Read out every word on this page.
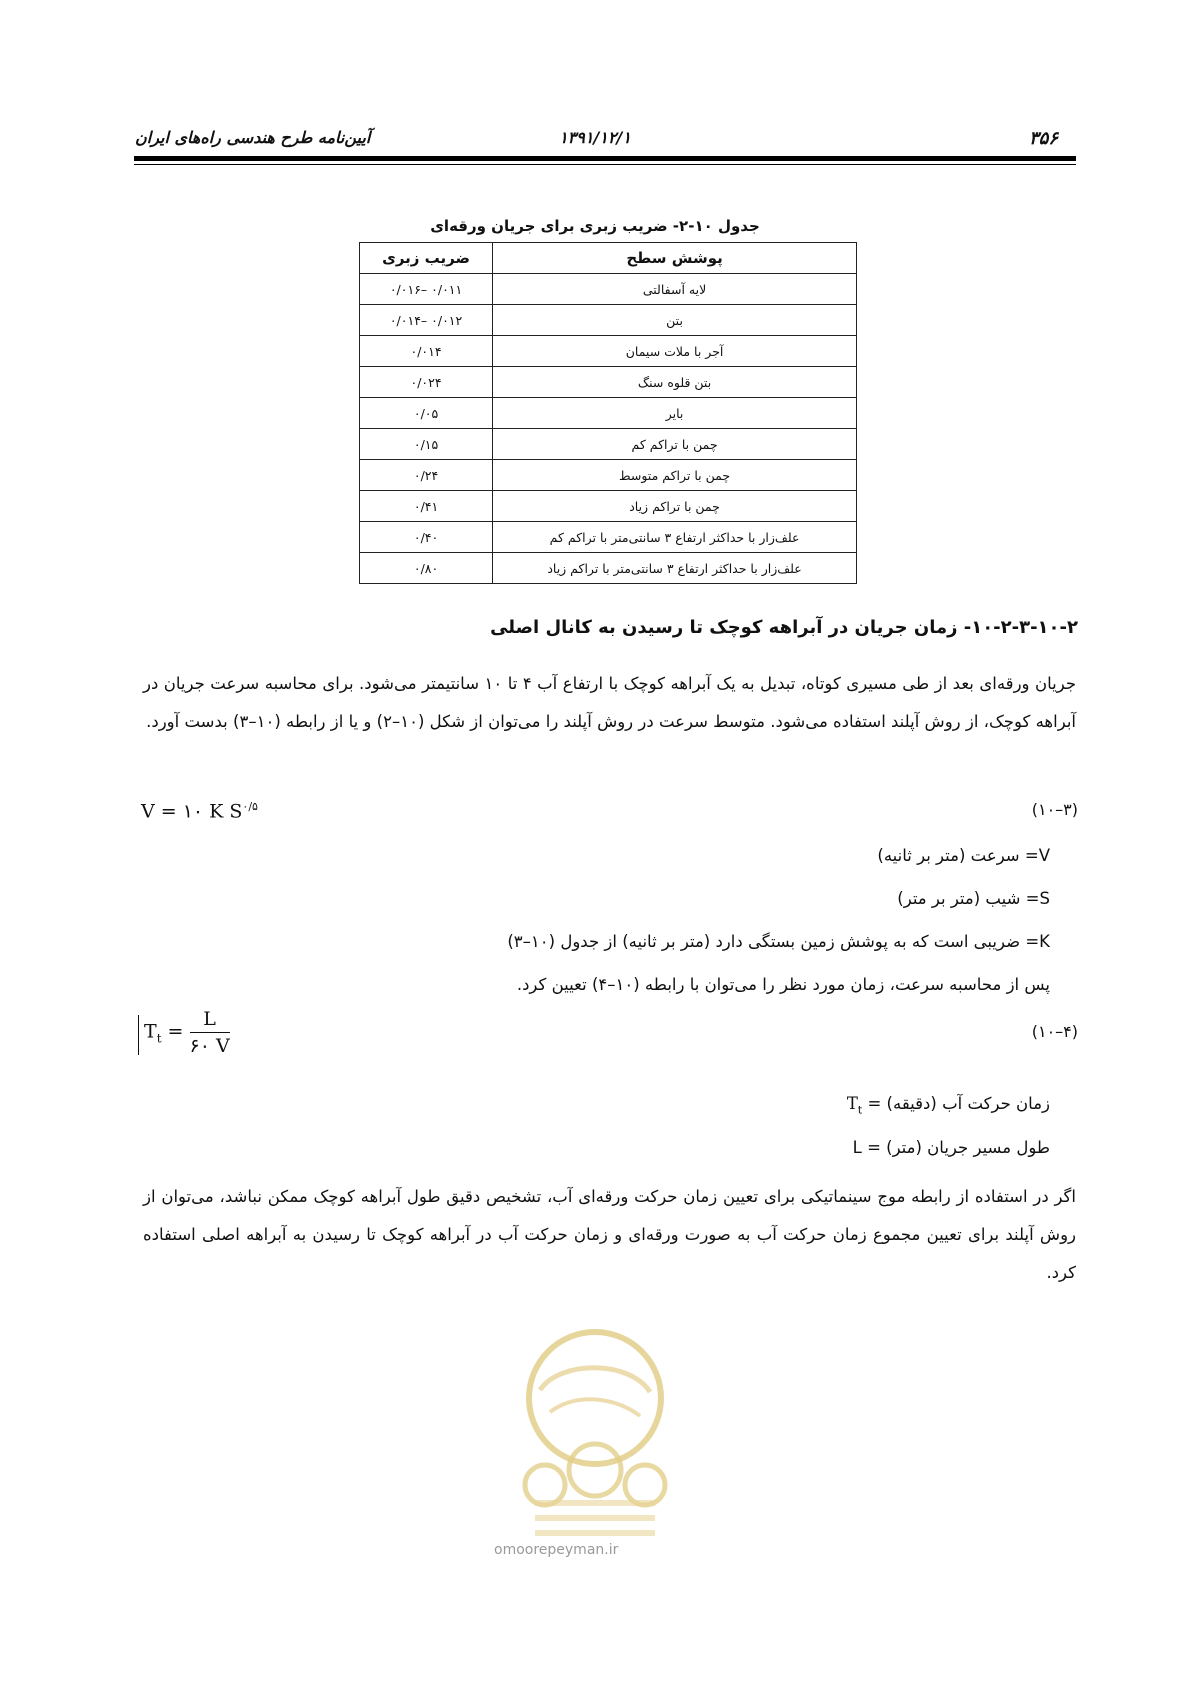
۳۵۶
۱۳۹۱/۱۲/۱
آیین‌نامه طرح هندسی راه‌های ایران
جدول ۱۰-۲- ضریب زبری برای جریان ورقه‌ای
پوشش سطح	ضریب زبری
لایه آسفالتی	۰/۰۱۱ –۰/۰۱۶
بتن	۰/۰۱۲ –۰/۰۱۴
آجر با ملات سیمان	۰/۰۱۴
بتن قلوه سنگ	۰/۰۲۴
بایر	۰/۰۵
چمن با تراکم کم	۰/۱۵
چمن با تراکم متوسط	۰/۲۴
چمن با تراکم زیاد	۰/۴۱
علف‌زار با حداکثر ارتفاع ۳ سانتی‌متر با تراکم کم	۰/۴۰
علف‌زار با حداکثر ارتفاع ۳ سانتی‌متر با تراکم زیاد	۰/۸۰
۱۰-۲-۳-۱۰-۲- زمان جریان در آبراهه کوچک تا رسیدن به کانال اصلی
جریان ورقه‌ای بعد از طی مسیری کوتاه، تبدیل به یک آبراهه کوچک با ارتفاع آب ۴ تا ۱۰ سانتیمتر می‌شود. برای محاسبه سرعت جریان در آبراهه کوچک، از روش آپلند استفاده می‌شود. متوسط سرعت در روش آپلند را می‌توان از شکل (۱۰–۲) و یا از رابطه (۱۰–۳) بدست آورد.
V = ۱۰ K $S^{۰/۵}$	(۱۰–۳)
V= سرعت (متر بر ثانیه)
S= شیب (متر بر متر)
K= ضریبی است که به پوشش زمین بستگی دارد (متر بر ثانیه) از جدول (۱۰–۳)
پس از محاسبه سرعت، زمان مورد نظر را می‌توان با رابطه (۱۰–۴) تعیین کرد.
$T_t = \frac{L}{۶۰ V}$	(۱۰–۴)
زمان حرکت آب (دقیقه) = $T_t$
طول مسیر جریان (متر) = L
اگر در استفاده از رابطه موج سینماتیکی برای تعیین زمان حرکت ورقه‌ای آب، تشخیص دقیق طول آبراهه کوچک ممکن نباشد، می‌توان از روش آپلند برای تعیین مجموع زمان حرکت آب به صورت ورقه‌ای و زمان حرکت آب در آبراهه کوچک تا رسیدن به آبراهه اصلی استفاده کرد.
omoorepeyman.ir
